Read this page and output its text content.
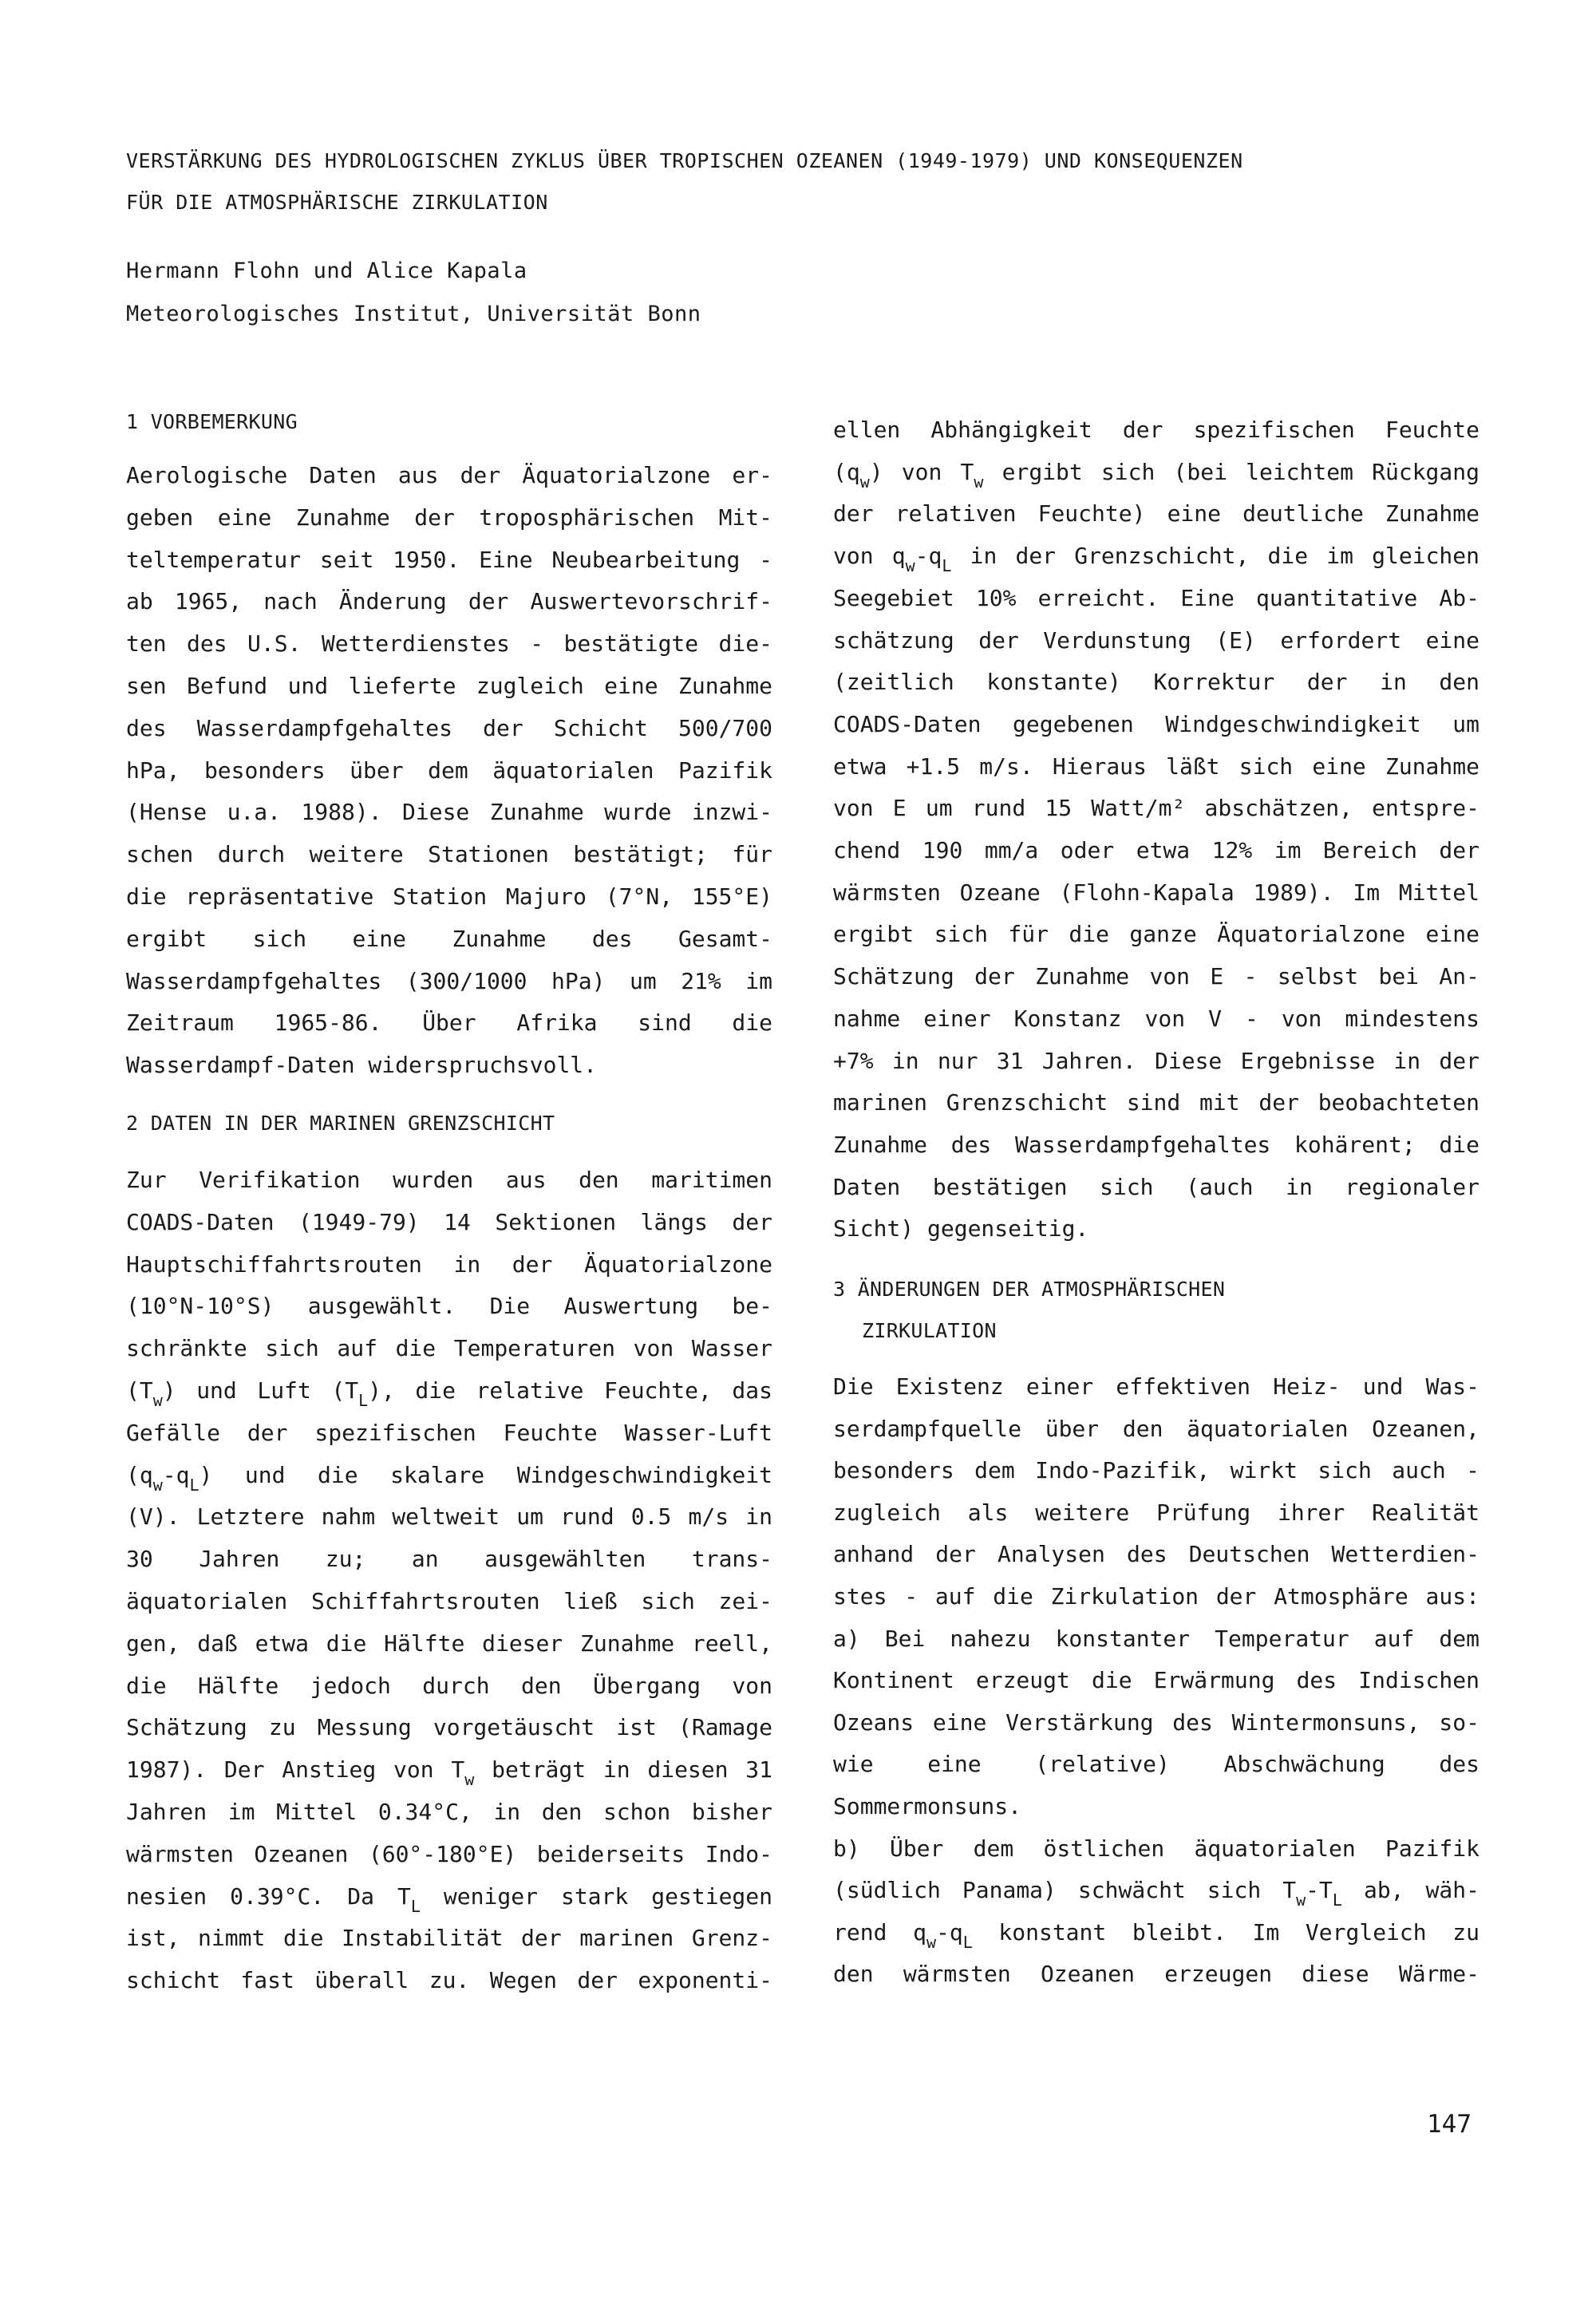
VERSTÄRKUNG DES HYDROLOGISCHEN ZYKLUS ÜBER TROPISCHEN OZEANEN (1949-1979) UND KONSEQUENZEN
FÜR DIE ATMOSPHÄRISCHE ZIRKULATION
Hermann Flohn und Alice Kapala
Meteorologisches Institut, Universität Bonn
1 VORBEMERKUNG
Aerologische Daten aus der Äquatorialzone er-
geben eine Zunahme der troposphärischen Mit-
teltemperatur seit 1950. Eine Neubearbeitung -
ab 1965, nach Änderung der Auswertevorschrif-
ten des U.S. Wetterdienstes - bestätigte die-
sen Befund und lieferte zugleich eine Zunahme
des Wasserdampfgehaltes der Schicht 500/700
hPa, besonders über dem äquatorialen Pazifik
(Hense u.a. 1988). Diese Zunahme wurde inzwi-
schen durch weitere Stationen bestätigt; für
die repräsentative Station Majuro (7°N, 155°E)
ergibt sich eine Zunahme des Gesamt-
Wasserdampfgehaltes (300/1000 hPa) um 21% im
Zeitraum 1965-86. Über Afrika sind die
Wasserdampf-Daten widerspruchsvoll.
2 DATEN IN DER MARINEN GRENZSCHICHT
Zur Verifikation wurden aus den maritimen
COADS-Daten (1949-79) 14 Sektionen längs der
Hauptschiffahrtsrouten in der Äquatorialzone
(10°N-10°S) ausgewählt. Die Auswertung be-
schränkte sich auf die Temperaturen von Wasser
$(T_w)$ und Luft $(T_L)$, die relative Feuchte, das
Gefälle der spezifischen Feuchte Wasser-Luft
$(q_w-q_L)$ und die skalare Windgeschwindigkeit
(V). Letztere nahm weltweit um rund 0.5 m/s in
30 Jahren zu; an ausgewählten trans-
äquatorialen Schiffahrtsrouten ließ sich zei-
gen, daß etwa die Hälfte dieser Zunahme reell,
die Hälfte jedoch durch den Übergang von
Schätzung zu Messung vorgetäuscht ist (Ramage
1987). Der Anstieg von $T_w$ beträgt in diesen 31
Jahren im Mittel 0.34°C, in den schon bisher
wärmsten Ozeanen (60°-180°E) beiderseits Indo-
nesien 0.39°C. Da $T_L$ weniger stark gestiegen
ist, nimmt die Instabilität der marinen Grenz-
schicht fast überall zu. Wegen der exponenti-
ellen Abhängigkeit der spezifischen Feuchte
$(q_w)$ von $T_w$ ergibt sich (bei leichtem Rückgang
der relativen Feuchte) eine deutliche Zunahme
von $q_w-q_L$ in der Grenzschicht, die im gleichen
Seegebiet 10% erreicht. Eine quantitative Ab-
schätzung der Verdunstung (E) erfordert eine
(zeitlich konstante) Korrektur der in den
COADS-Daten gegebenen Windgeschwindigkeit um
etwa +1.5 m/s. Hieraus läßt sich eine Zunahme
von E um rund 15 Watt/m² abschätzen, entspre-
chend 190 mm/a oder etwa 12% im Bereich der
wärmsten Ozeane (Flohn-Kapala 1989). Im Mittel
ergibt sich für die ganze Äquatorialzone eine
Schätzung der Zunahme von E - selbst bei An-
nahme einer Konstanz von V - von mindestens
+7% in nur 31 Jahren. Diese Ergebnisse in der
marinen Grenzschicht sind mit der beobachteten
Zunahme des Wasserdampfgehaltes kohärent; die
Daten bestätigen sich (auch in regionaler
Sicht) gegenseitig.
3 ÄNDERUNGEN DER ATMOSPHÄRISCHEN
ZIRKULATION
Die Existenz einer effektiven Heiz- und Was-
serdampfquelle über den äquatorialen Ozeanen,
besonders dem Indo-Pazifik, wirkt sich auch -
zugleich als weitere Prüfung ihrer Realität
anhand der Analysen des Deutschen Wetterdien-
stes - auf die Zirkulation der Atmosphäre aus:
a) Bei nahezu konstanter Temperatur auf dem
Kontinent erzeugt die Erwärmung des Indischen
Ozeans eine Verstärkung des Wintermonsuns, so-
wie eine (relative) Abschwächung des
Sommermonsuns.
b) Über dem östlichen äquatorialen Pazifik
(südlich Panama) schwächt sich $T_w-T_L$ ab, wäh-
rend $q_w-q_L$ konstant bleibt. Im Vergleich zu
den wärmsten Ozeanen erzeugen diese Wärme-
147
